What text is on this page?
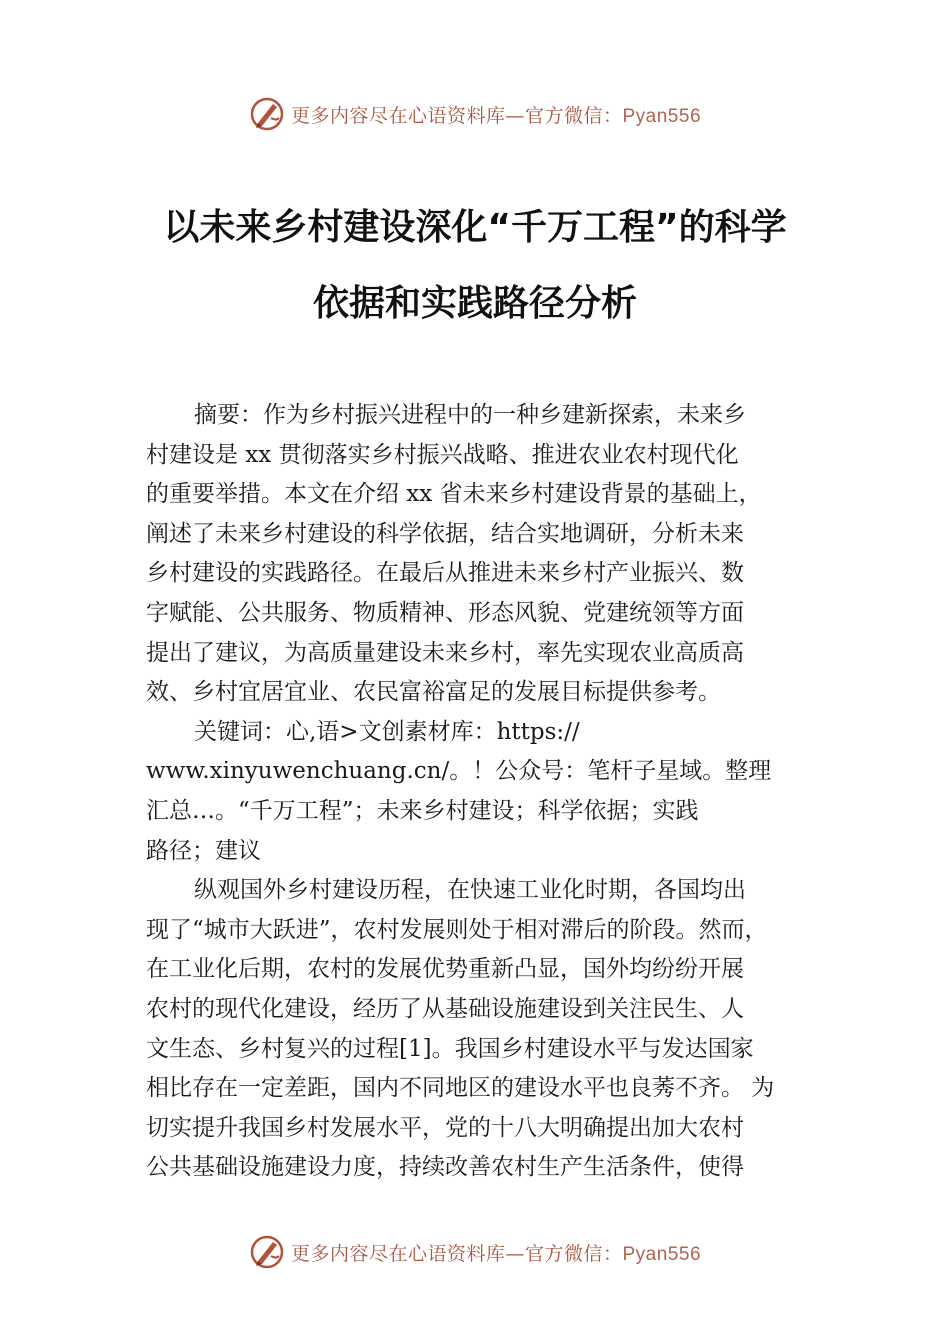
更多内容尽在心语资料库—官方微信：Pyan556
以未来乡村建设深化“千万工程”的科学
依据和实践路径分析
摘要：作为乡村振兴进程中的一种乡建新探索，未来乡
村建设是 xx 贯彻落实乡村振兴战略、推进农业农村现代化
的重要举措。本文在介绍 xx 省未来乡村建设背景的基础上，
阐述了未来乡村建设的科学依据，结合实地调研，分析未来
乡村建设的实践路径。在最后从推进未来乡村产业振兴、数
字赋能、公共服务、物质精神、形态风貌、党建统领等方面
提出了建议，为高质量建设未来乡村，率先实现农业高质高
效、乡村宜居宜业、农民富裕富足的发展目标提供参考。
关键词：心,语>文创素材库：https://
www.xinyuwenchuang.cn/。！公众号：笔杆子星域。整理
汇总…。“千万工程”；未来乡村建设；科学依据；实践
路径；建议
纵观国外乡村建设历程，在快速工业化时期，各国均出
现了“城市大跃进”，农村发展则处于相对滞后的阶段。然而，
在工业化后期，农村的发展优势重新凸显，国外均纷纷开展
农村的现代化建设，经历了从基础设施建设到关注民生、人
文生态、乡村复兴的过程[1]。我国乡村建设水平与发达国家
相比存在一定差距，国内不同地区的建设水平也良莠不齐。 为
切实提升我国乡村发展水平，党的十八大明确提出加大农村
公共基础设施建设力度，持续改善农村生产生活条件，使得
更多内容尽在心语资料库—官方微信：Pyan556
